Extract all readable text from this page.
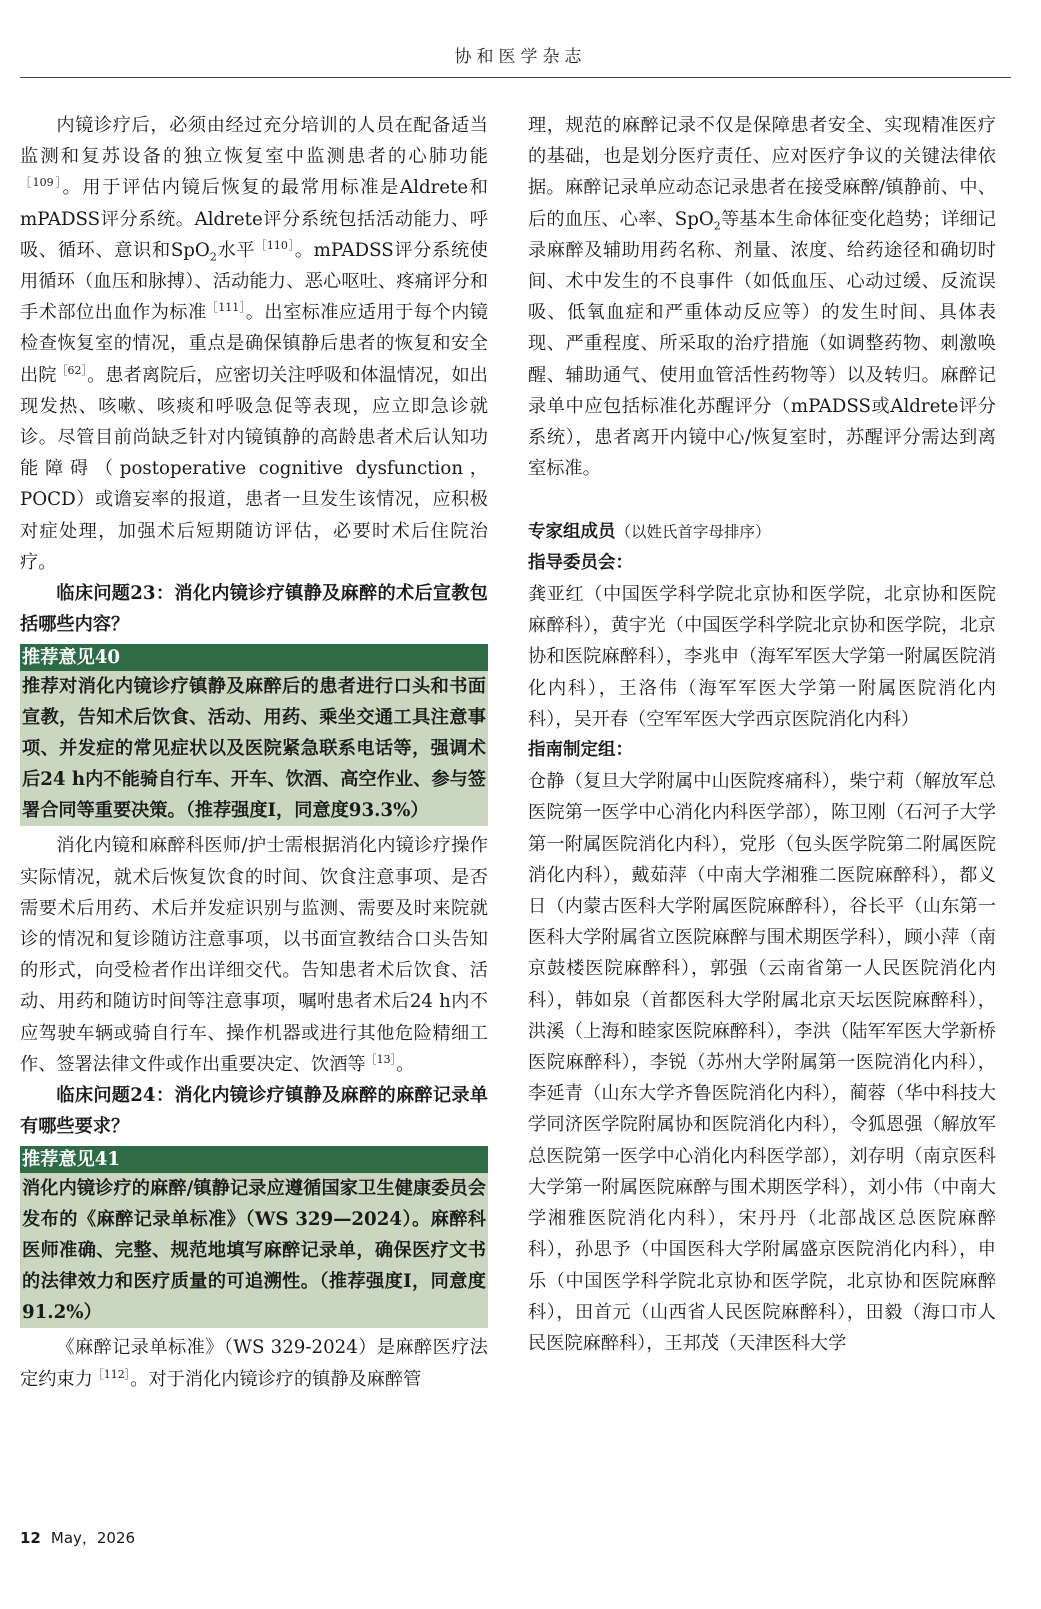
协和医学杂志

内镜诊疗后，必须由经过充分培训的人员在配备适当监测和复苏设备的独立恢复室中监测患者的心肺功能$^{[109]}$。用于评估内镜后恢复的最常用标准是Aldrete和mPADSS评分系统。Aldrete评分系统包括活动能力、呼吸、循环、意识和SpO$_2$水平$^{[110]}$。mPADSS评分系统使用循环（血压和脉搏）、活动能力、恶心呕吐、疼痛评分和手术部位出血作为标准$^{[111]}$。出室标准应适用于每个内镜检查恢复室的情况，重点是确保镇静后患者的恢复和安全出院$^{[62]}$。患者离院后，应密切关注呼吸和体温情况，如出现发热、咳嗽、咳痰和呼吸急促等表现，应立即急诊就诊。尽管目前尚缺乏针对内镜镇静的高龄患者术后认知功能障碍（postoperative cognitive dysfunction，POCD）或谵妄率的报道，患者一旦发生该情况，应积极对症处理，加强术后短期随访评估，必要时术后住院治疗。

临床问题23：消化内镜诊疗镇静及麻醉的术后宣教包括哪些内容？

推荐意见40
推荐对消化内镜诊疗镇静及麻醉后的患者进行口头和书面宣教，告知术后饮食、活动、用药、乘坐交通工具注意事项、并发症的常见症状以及医院紧急联系电话等，强调术后24 h内不能骑自行车、开车、饮酒、高空作业、参与签署合同等重要决策。（推荐强度Ⅰ，同意度93.3%）

消化内镜和麻醉科医师/护士需根据消化内镜诊疗操作实际情况，就术后恢复饮食的时间、饮食注意事项、是否需要术后用药、术后并发症识别与监测、需要及时来院就诊的情况和复诊随访注意事项，以书面宣教结合口头告知的形式，向受检者作出详细交代。告知患者术后饮食、活动、用药和随访时间等注意事项，嘱咐患者术后24 h内不应驾驶车辆或骑自行车、操作机器或进行其他危险精细工作、签署法律文件或作出重要决定、饮酒等$^{[13]}$。

临床问题24：消化内镜诊疗镇静及麻醉的麻醉记录单有哪些要求？

推荐意见41
消化内镜诊疗的麻醉/镇静记录应遵循国家卫生健康委员会发布的《麻醉记录单标准》（WS 329—2024）。麻醉科医师准确、完整、规范地填写麻醉记录单，确保医疗文书的法律效力和医疗质量的可追溯性。（推荐强度Ⅰ，同意度91.2%）

《麻醉记录单标准》（WS 329-2024）是麻醉医疗法定约束力$^{[112]}$。对于消化内镜诊疗的镇静及麻醉管

理，规范的麻醉记录不仅是保障患者安全、实现精准医疗的基础，也是划分医疗责任、应对医疗争议的关键法律依据。麻醉记录单应动态记录患者在接受麻醉/镇静前、中、后的血压、心率、SpO$_2$等基本生命体征变化趋势；详细记录麻醉及辅助用药名称、剂量、浓度、给药途径和确切时间、术中发生的不良事件（如低血压、心动过缓、反流误吸、低氧血症和严重体动反应等）的发生时间、具体表现、严重程度、所采取的治疗措施（如调整药物、刺激唤醒、辅助通气、使用血管活性药物等）以及转归。麻醉记录单中应包括标准化苏醒评分（mPADSS或Aldrete评分系统），患者离开内镜中心/恢复室时，苏醒评分需达到离室标准。

专家组成员（以姓氏首字母排序）

指导委员会：

龚亚红（中国医学科学院北京协和医学院，北京协和医院麻醉科），黄宇光（中国医学科学院北京协和医学院，北京协和医院麻醉科），李兆申（海军军医大学第一附属医院消化内科），王洛伟（海军军医大学第一附属医院消化内科），吴开春（空军军医大学西京医院消化内科）

指南制定组：

仓静（复旦大学附属中山医院疼痛科），柴宁莉（解放军总医院第一医学中心消化内科医学部），陈卫刚（石河子大学第一附属医院消化内科），党彤（包头医学院第二附属医院消化内科），戴茹萍（中南大学湘雅二医院麻醉科），都义日（内蒙古医科大学附属医院麻醉科），谷长平（山东第一医科大学附属省立医院麻醉与围术期医学科），顾小萍（南京鼓楼医院麻醉科），郭强（云南省第一人民医院消化内科），韩如泉（首都医科大学附属北京天坛医院麻醉科），洪溪（上海和睦家医院麻醉科），李洪（陆军军医大学新桥医院麻醉科），李锐（苏州大学附属第一医院消化内科），李延青（山东大学齐鲁医院消化内科），蔺蓉（华中科技大学同济医学院附属协和医院消化内科），令狐恩强（解放军总医院第一医学中心消化内科医学部），刘存明（南京医科大学第一附属医院麻醉与围术期医学科），刘小伟（中南大学湘雅医院消化内科），宋丹丹（北部战区总医院麻醉科），孙思予（中国医科大学附属盛京医院消化内科），申乐（中国医学科学院北京协和医学院，北京协和医院麻醉科），田首元（山西省人民医院麻醉科），田毅（海口市人民医院麻醉科），王邦茂（天津医科大学

12 May，2026
